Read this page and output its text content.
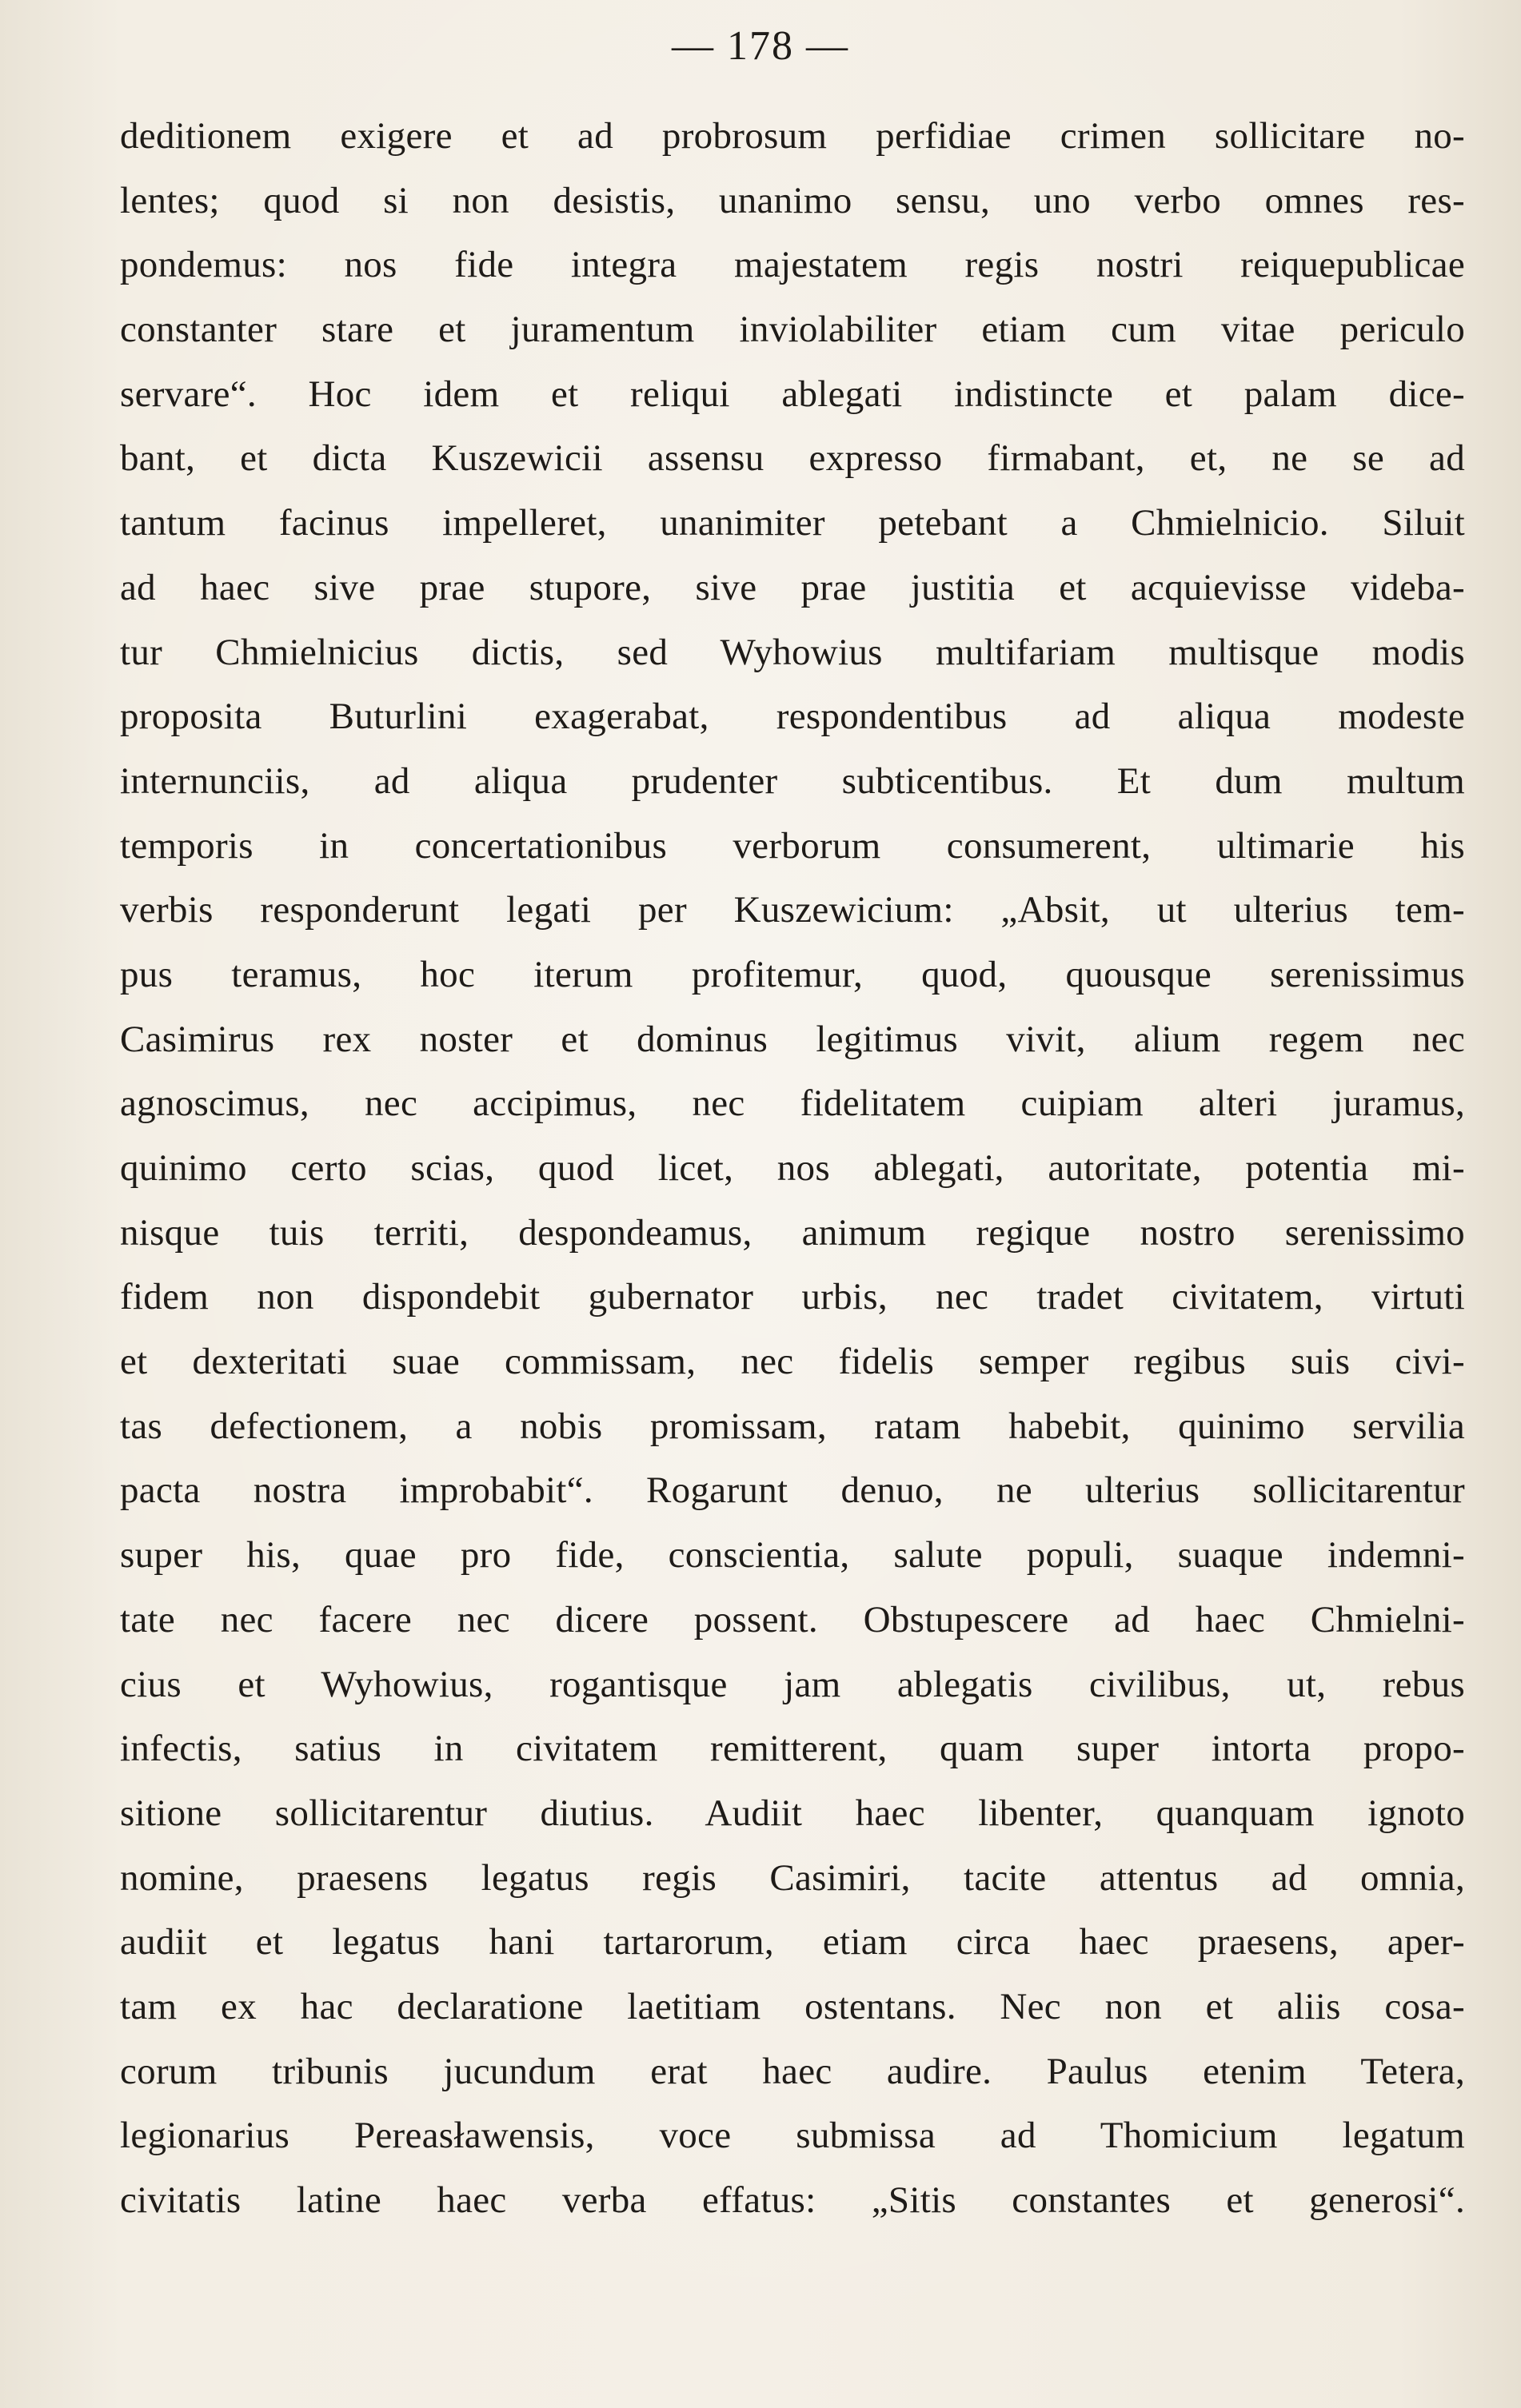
— 178 —
deditionem exigere et ad probrosum perfidiae crimen sollicitare no-
lentes; quod si non desistis, unanimo sensu, uno verbo omnes res-
pondemus: nos fide integra majestatem regis nostri reiquepublicae
constanter stare et juramentum inviolabiliter etiam cum vitae periculo
servare“. Hoc idem et reliqui ablegati indistincte et palam dice-
bant, et dicta Kuszewicii assensu expresso firmabant, et, ne se ad
tantum facinus impelleret, unanimiter petebant a Chmielnicio. Siluit
ad haec sive prae stupore, sive prae justitia et acquievisse videba-
tur Chmielnicius dictis, sed Wyhowius multifariam multisque modis
proposita Buturlini exagerabat, respondentibus ad aliqua modeste
internunciis, ad aliqua prudenter subticentibus. Et dum multum
temporis in concertationibus verborum consumerent, ultimarie his
verbis responderunt legati per Kuszewicium: „Absit, ut ulterius tem-
pus teramus, hoc iterum profitemur, quod, quousque serenissimus
Casimirus rex noster et dominus legitimus vivit, alium regem nec
agnoscimus, nec accipimus, nec fidelitatem cuipiam alteri juramus,
quinimo certo scias, quod licet, nos ablegati, autoritate, potentia mi-
nisque tuis territi, despondeamus, animum regique nostro serenissimo
fidem non dispondebit gubernator urbis, nec tradet civitatem, virtuti
et dexteritati suae commissam, nec fidelis semper regibus suis civi-
tas defectionem, a nobis promissam, ratam habebit, quinimo servilia
pacta nostra improbabit“. Rogarunt denuo, ne ulterius sollicitarentur
super his, quae pro fide, conscientia, salute populi, suaque indemni-
tate nec facere nec dicere possent. Obstupescere ad haec Chmielni-
cius et Wyhowius, rogantisque jam ablegatis civilibus, ut, rebus
infectis, satius in civitatem remitterent, quam super intorta propo-
sitione sollicitarentur diutius. Audiit haec libenter, quanquam ignoto
nomine, praesens legatus regis Casimiri, tacite attentus ad omnia,
audiit et legatus hani tartarorum, etiam circa haec praesens, aper-
tam ex hac declaratione laetitiam ostentans. Nec non et aliis cosa-
corum tribunis jucundum erat haec audire. Paulus etenim Tetera,
legionarius Pereasławensis, voce submissa ad Thomicium legatum
civitatis latine haec verba effatus: „Sitis constantes et generosi“.
